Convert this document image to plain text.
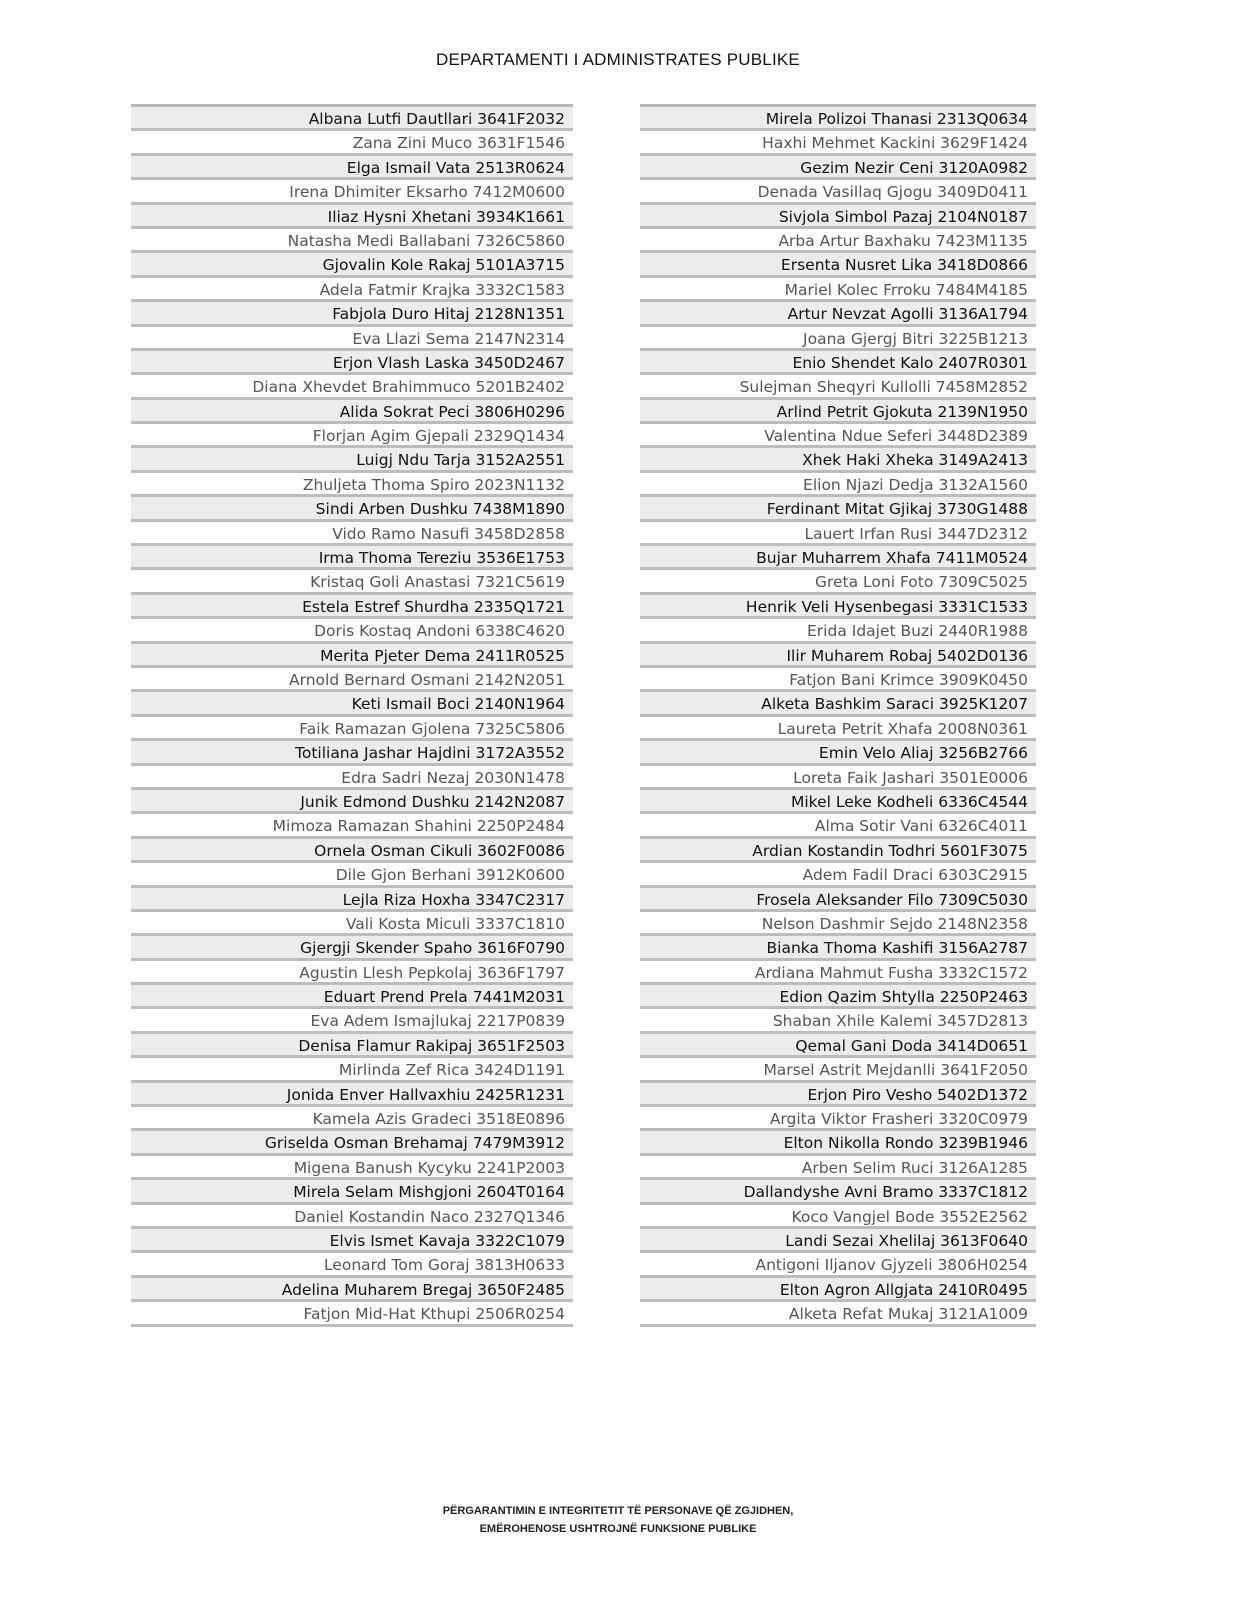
DEPARTAMENTI I ADMINISTRATES PUBLIKE
Albana Lutfi Dautllari 3641F2032
Zana Zini Muco 3631F1546
Elga Ismail Vata 2513R0624
Irena Dhimiter Eksarho 7412M0600
Iliaz Hysni Xhetani 3934K1661
Natasha Medi Ballabani 7326C5860
Gjovalin Kole Rakaj 5101A3715
Adela Fatmir Krajka 3332C1583
Fabjola Duro Hitaj 2128N1351
Eva Llazi Sema 2147N2314
Erjon Vlash Laska 3450D2467
Diana Xhevdet Brahimmuco 5201B2402
Alida Sokrat Peci 3806H0296
Florjan Agim Gjepali 2329Q1434
Luigj Ndu Tarja 3152A2551
Zhuljeta Thoma Spiro 2023N1132
Sindi Arben Dushku 7438M1890
Vido Ramo Nasufi 3458D2858
Irma Thoma Tereziu 3536E1753
Kristaq Goli Anastasi 7321C5619
Estela Estref Shurdha 2335Q1721
Doris Kostaq Andoni 6338C4620
Merita Pjeter Dema 2411R0525
Arnold Bernard Osmani 2142N2051
Keti Ismail Boci 2140N1964
Faik Ramazan Gjolena 7325C5806
Totiliana Jashar Hajdini 3172A3552
Edra Sadri Nezaj 2030N1478
Junik Edmond Dushku 2142N2087
Mimoza Ramazan Shahini 2250P2484
Ornela Osman Cikuli 3602F0086
Dile Gjon Berhani 3912K0600
Lejla Riza Hoxha 3347C2317
Vali Kosta Miculi 3337C1810
Gjergji Skender Spaho 3616F0790
Agustin Llesh Pepkolaj 3636F1797
Eduart Prend Prela 7441M2031
Eva Adem Ismajlukaj 2217P0839
Denisa Flamur Rakipaj 3651F2503
Mirlinda Zef Rica 3424D1191
Jonida Enver Hallvaxhiu 2425R1231
Kamela Azis Gradeci 3518E0896
Griselda Osman Brehamaj 7479M3912
Migena Banush Kycyku 2241P2003
Mirela Selam Mishgjoni 2604T0164
Daniel Kostandin Naco 2327Q1346
Elvis Ismet Kavaja 3322C1079
Leonard Tom Goraj 3813H0633
Adelina Muharem Bregaj 3650F2485
Fatjon Mid-Hat Kthupi 2506R0254
Mirela Polizoi Thanasi 2313Q0634
Haxhi Mehmet Kackini 3629F1424
Gezim Nezir Ceni 3120A0982
Denada Vasillaq Gjogu 3409D0411
Sivjola Simbol Pazaj 2104N0187
Arba Artur Baxhaku 7423M1135
Ersenta Nusret Lika 3418D0866
Mariel Kolec Frroku 7484M4185
Artur Nevzat Agolli 3136A1794
Joana Gjergj Bitri 3225B1213
Enio Shendet Kalo 2407R0301
Sulejman Sheqyri Kullolli 7458M2852
Arlind Petrit Gjokuta 2139N1950
Valentina Ndue Seferi 3448D2389
Xhek Haki Xheka 3149A2413
Elion Njazi Dedja 3132A1560
Ferdinant Mitat Gjikaj 3730G1488
Lauert Irfan Rusi 3447D2312
Bujar Muharrem Xhafa 7411M0524
Greta Loni Foto 7309C5025
Henrik Veli Hysenbegasi 3331C1533
Erida Idajet Buzi 2440R1988
Ilir Muharem Robaj 5402D0136
Fatjon Bani Krimce 3909K0450
Alketa Bashkim Saraci 3925K1207
Laureta Petrit Xhafa 2008N0361
Emin Velo Aliaj 3256B2766
Loreta Faik Jashari 3501E0006
Mikel Leke Kodheli 6336C4544
Alma Sotir Vani 6326C4011
Ardian Kostandin Todhri 5601F3075
Adem Fadil Draci 6303C2915
Frosela Aleksander Filo 7309C5030
Nelson Dashmir Sejdo 2148N2358
Bianka Thoma Kashifi 3156A2787
Ardiana Mahmut Fusha 3332C1572
Edion Qazim Shtylla 2250P2463
Shaban Xhile Kalemi 3457D2813
Qemal Gani Doda 3414D0651
Marsel Astrit Mejdanlli 3641F2050
Erjon Piro Vesho 5402D1372
Argita Viktor Frasheri 3320C0979
Elton Nikolla Rondo 3239B1946
Arben Selim Ruci 3126A1285
Dallandyshe Avni Bramo 3337C1812
Koco Vangjel Bode 3552E2562
Landi Sezai Xhelilaj 3613F0640
Antigoni Iljanov Gjyzeli 3806H0254
Elton Agron Allgjata 2410R0495
Alketa Refat Mukaj 3121A1009
PËRGARANTIMIN E INTEGRITETIT TË PERSONAVE QË ZGJIDHEN,
EMËROHENOSE USHTROJNË FUNKSIONE PUBLIKE
